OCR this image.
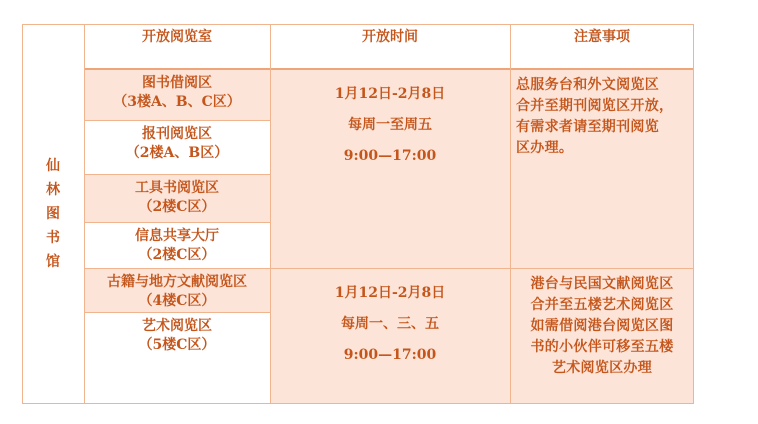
仙
林
图
书
馆
开放阅览室	开放时间	注意事项
图书借阅区
（3楼A、B、C区）
报刊阅览区
（2楼A、B区）
工具书阅览区
（2楼C区）
信息共享大厅
（2楼C区）
古籍与地方文献阅览区
（4楼C区）
艺术阅览区
（5楼C区）
1月12日-2月8日
每周一至周五
9:00—17:00
1月12日-2月8日
每周一、三、五
9:00—17:00
总服务台和外文阅览区
合并至期刊阅览区开放，
有需求者请至期刊阅览
区办理。
港台与民国文献阅览区
合并至五楼艺术阅览区
如需借阅港台阅览区图
书的小伙伴可移至五楼
艺术阅览区办理
